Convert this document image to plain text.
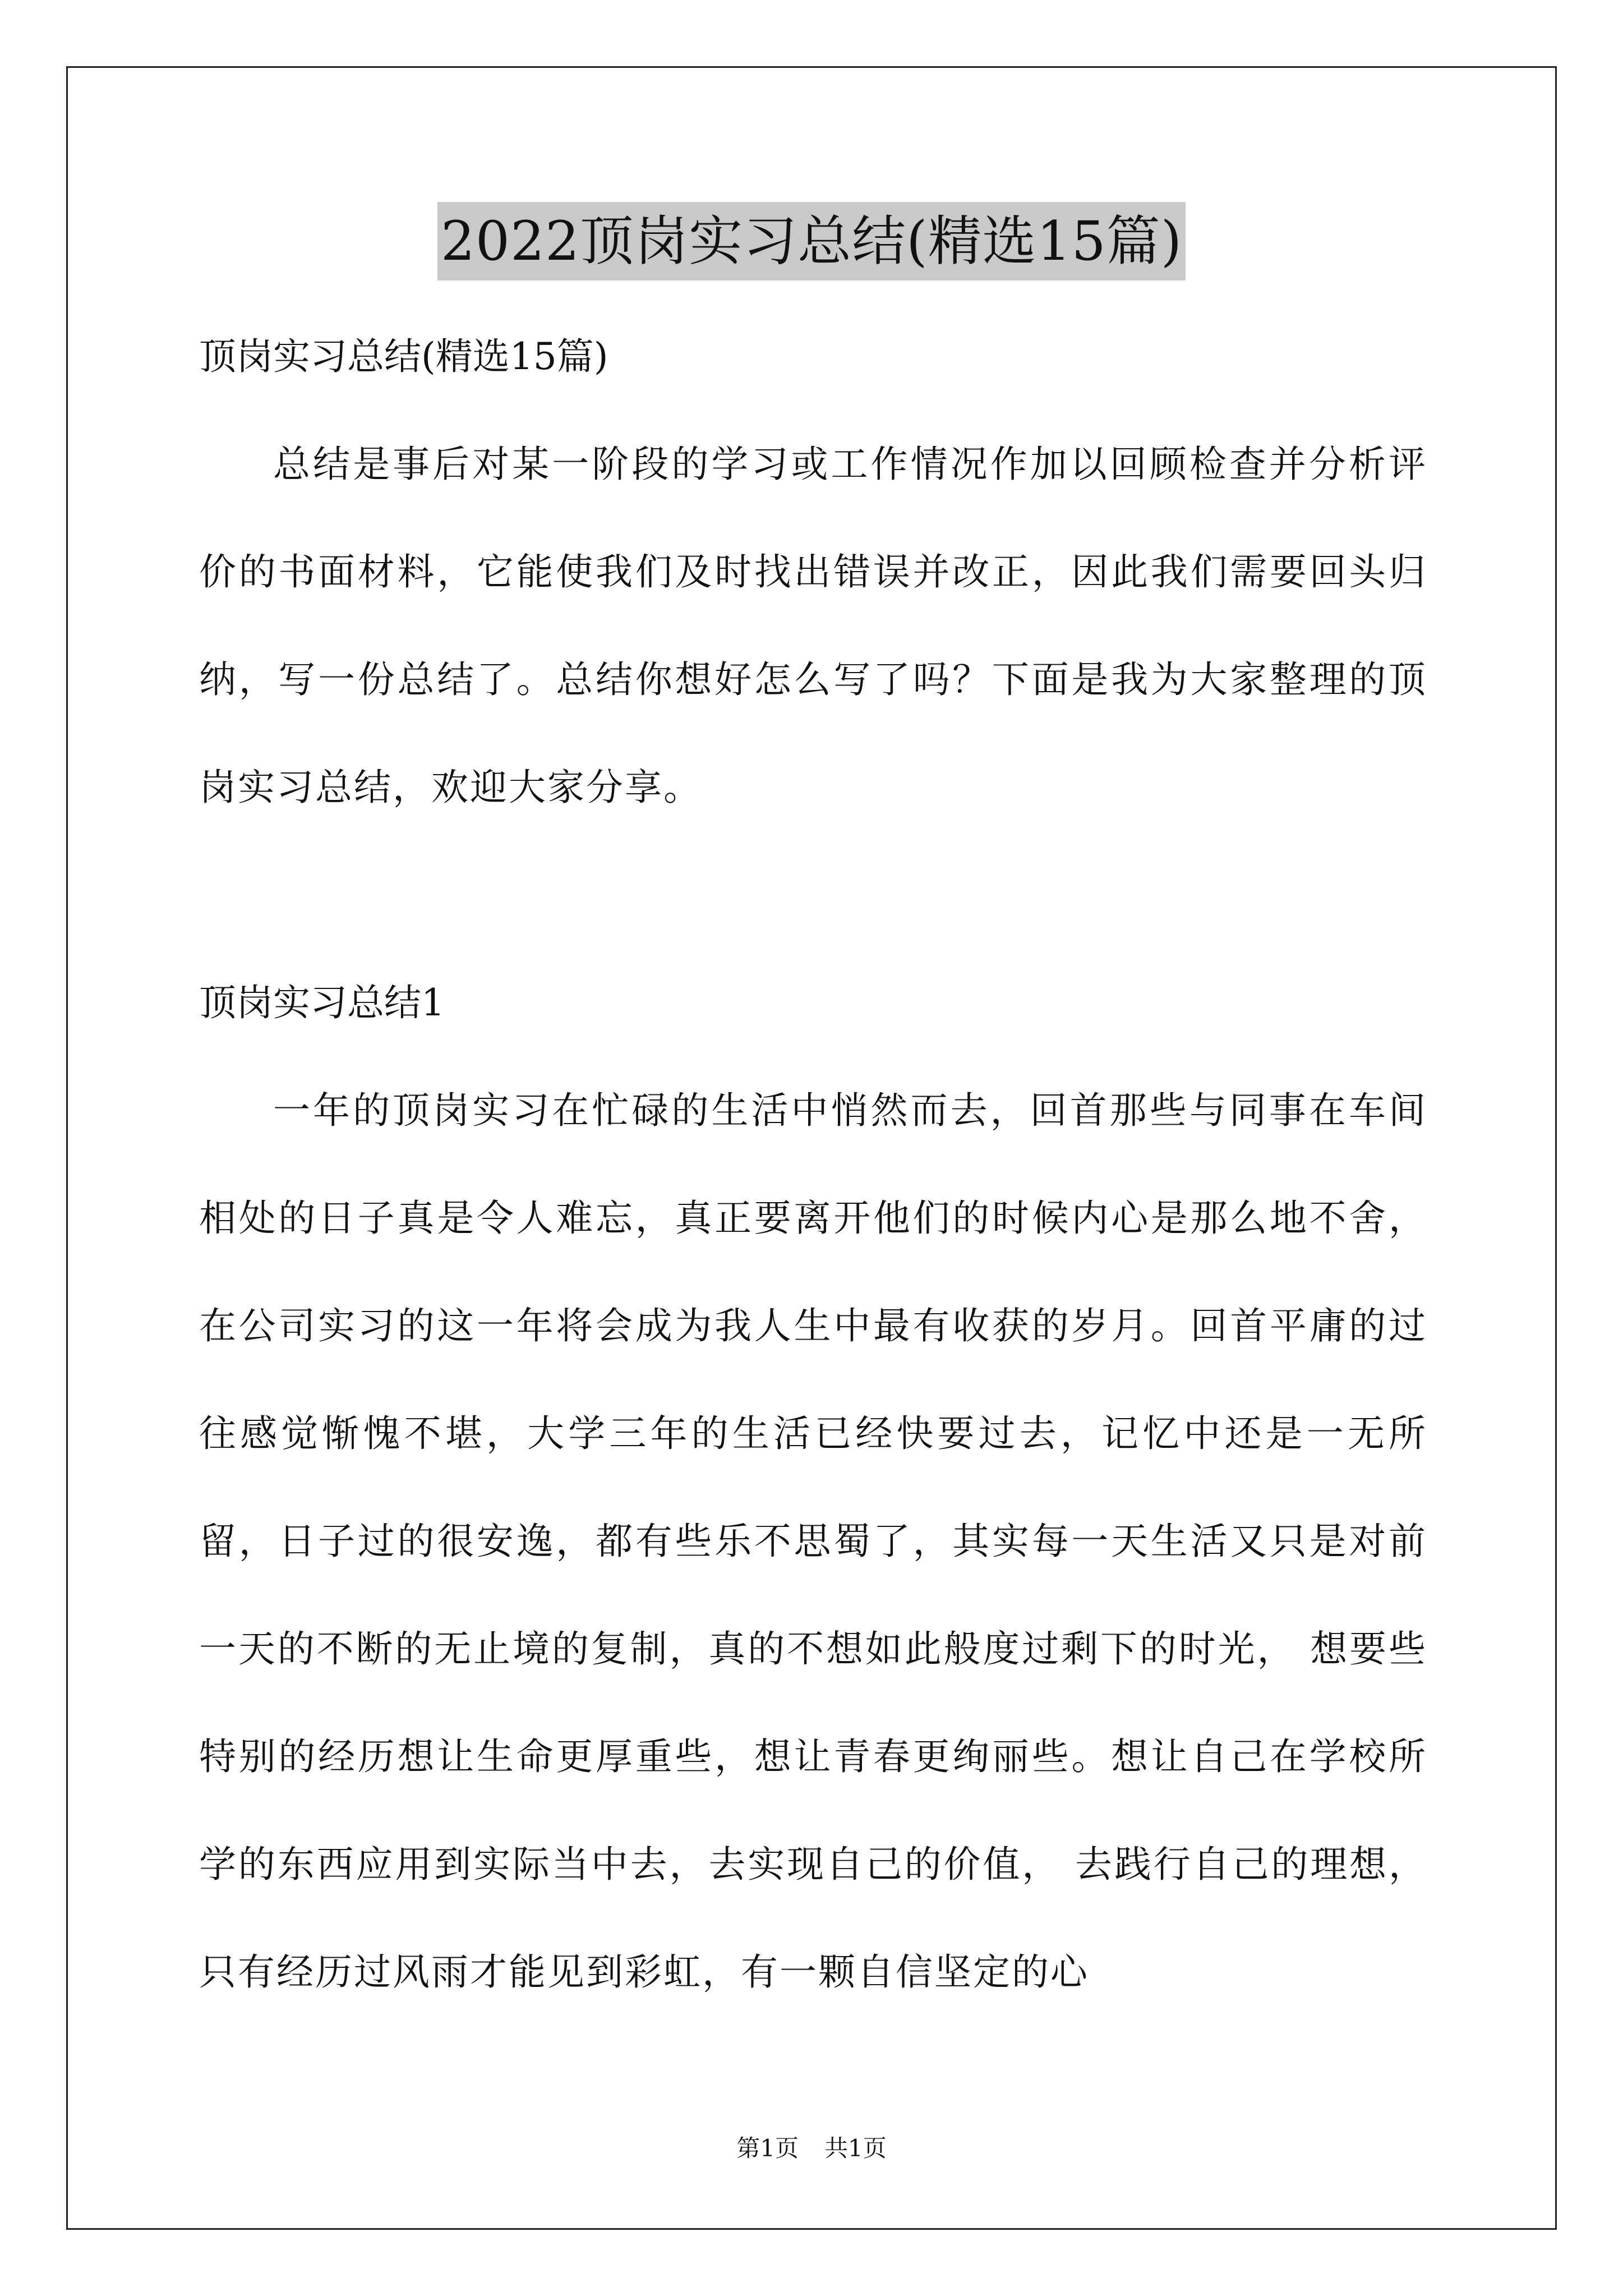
2022顶岗实习总结(精选15篇)

顶岗实习总结(精选15篇)

总结是事后对某一阶段的学习或工作情况作加以回顾检查并分析评价的书面材料，它能使我们及时找出错误并改正，因此我们需要回头归纳，写一份总结了。总结你想好怎么写了吗？下面是我为大家整理的顶岗实习总结，欢迎大家分享。

顶岗实习总结1

一年的顶岗实习在忙碌的生活中悄然而去，回首那些与同事在车间相处的日子真是令人难忘，真正要离开他们的时候内心是那么地不舍，在公司实习的这一年将会成为我人生中最有收获的岁月。回首平庸的过往感觉惭愧不堪，大学三年的生活已经快要过去，记忆中还是一无所留，日子过的很安逸，都有些乐不思蜀了，其实每一天生活又只是对前一天的不断的无止境的复制，真的不想如此般度过剩下的时光， 想要些特别的经历想让生命更厚重些，想让青春更绚丽些。想让自己在学校所学的东西应用到实际当中去，去实现自己的价值， 去践行自己的理想，只有经历过风雨才能见到彩虹，有一颗自信坚定的心

第1页 共1页
